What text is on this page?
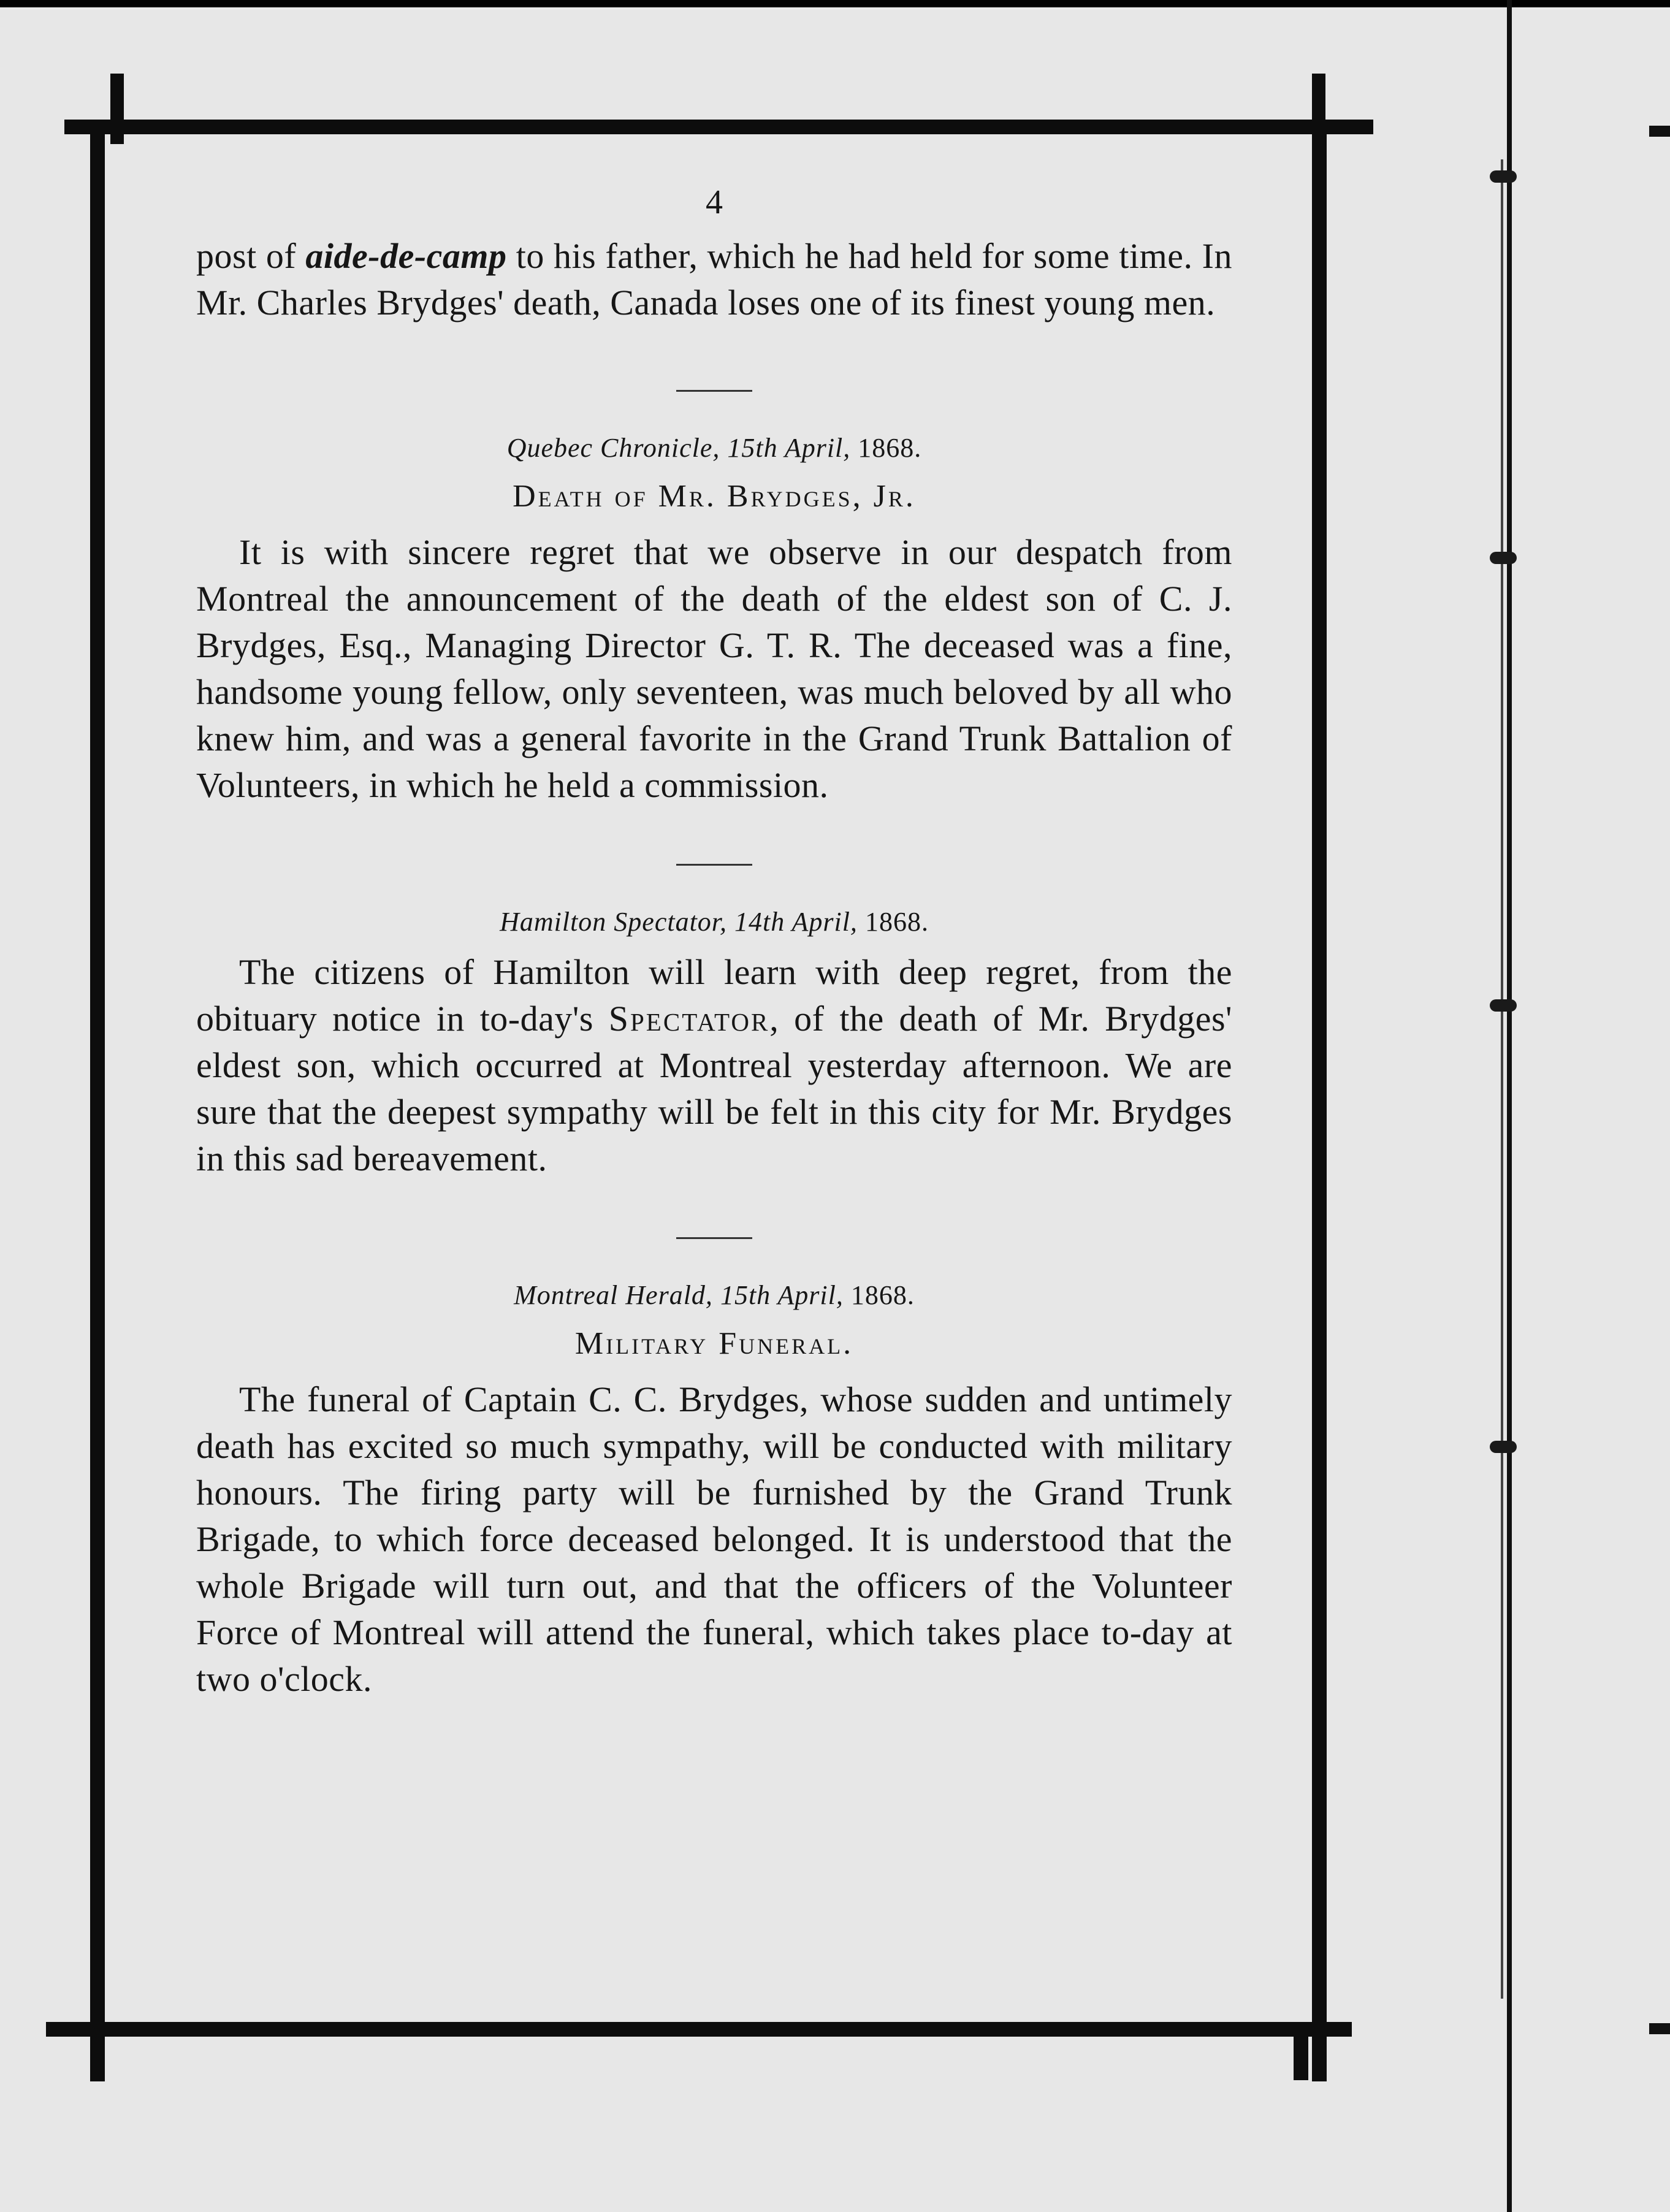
4

post of aide-de-camp to his father, which he had held for some time. In Mr. Charles Brydges' death, Canada loses one of its finest young men.

Quebec Chronicle, 15th April, 1868.
Death of Mr. Brydges, Jr.

It is with sincere regret that we observe in our despatch from Montreal the announcement of the death of the eldest son of C. J. Brydges, Esq., Managing Director G. T. R. The deceased was a fine, handsome young fellow, only seventeen, was much beloved by all who knew him, and was a general favorite in the Grand Trunk Battalion of Volunteers, in which he held a commission.

Hamilton Spectator, 14th April, 1868.

The citizens of Hamilton will learn with deep regret, from the obituary notice in to-day's Spectator, of the death of Mr. Brydges' eldest son, which occurred at Montreal yesterday afternoon. We are sure that the deepest sympathy will be felt in this city for Mr. Brydges in this sad bereavement.

Montreal Herald, 15th April, 1868.
Military Funeral.

The funeral of Captain C. C. Brydges, whose sudden and untimely death has excited so much sympathy, will be conducted with military honours. The firing party will be furnished by the Grand Trunk Brigade, to which force deceased belonged. It is understood that the whole Brigade will turn out, and that the officers of the Volunteer Force of Montreal will attend the funeral, which takes place to-day at two o'clock.
